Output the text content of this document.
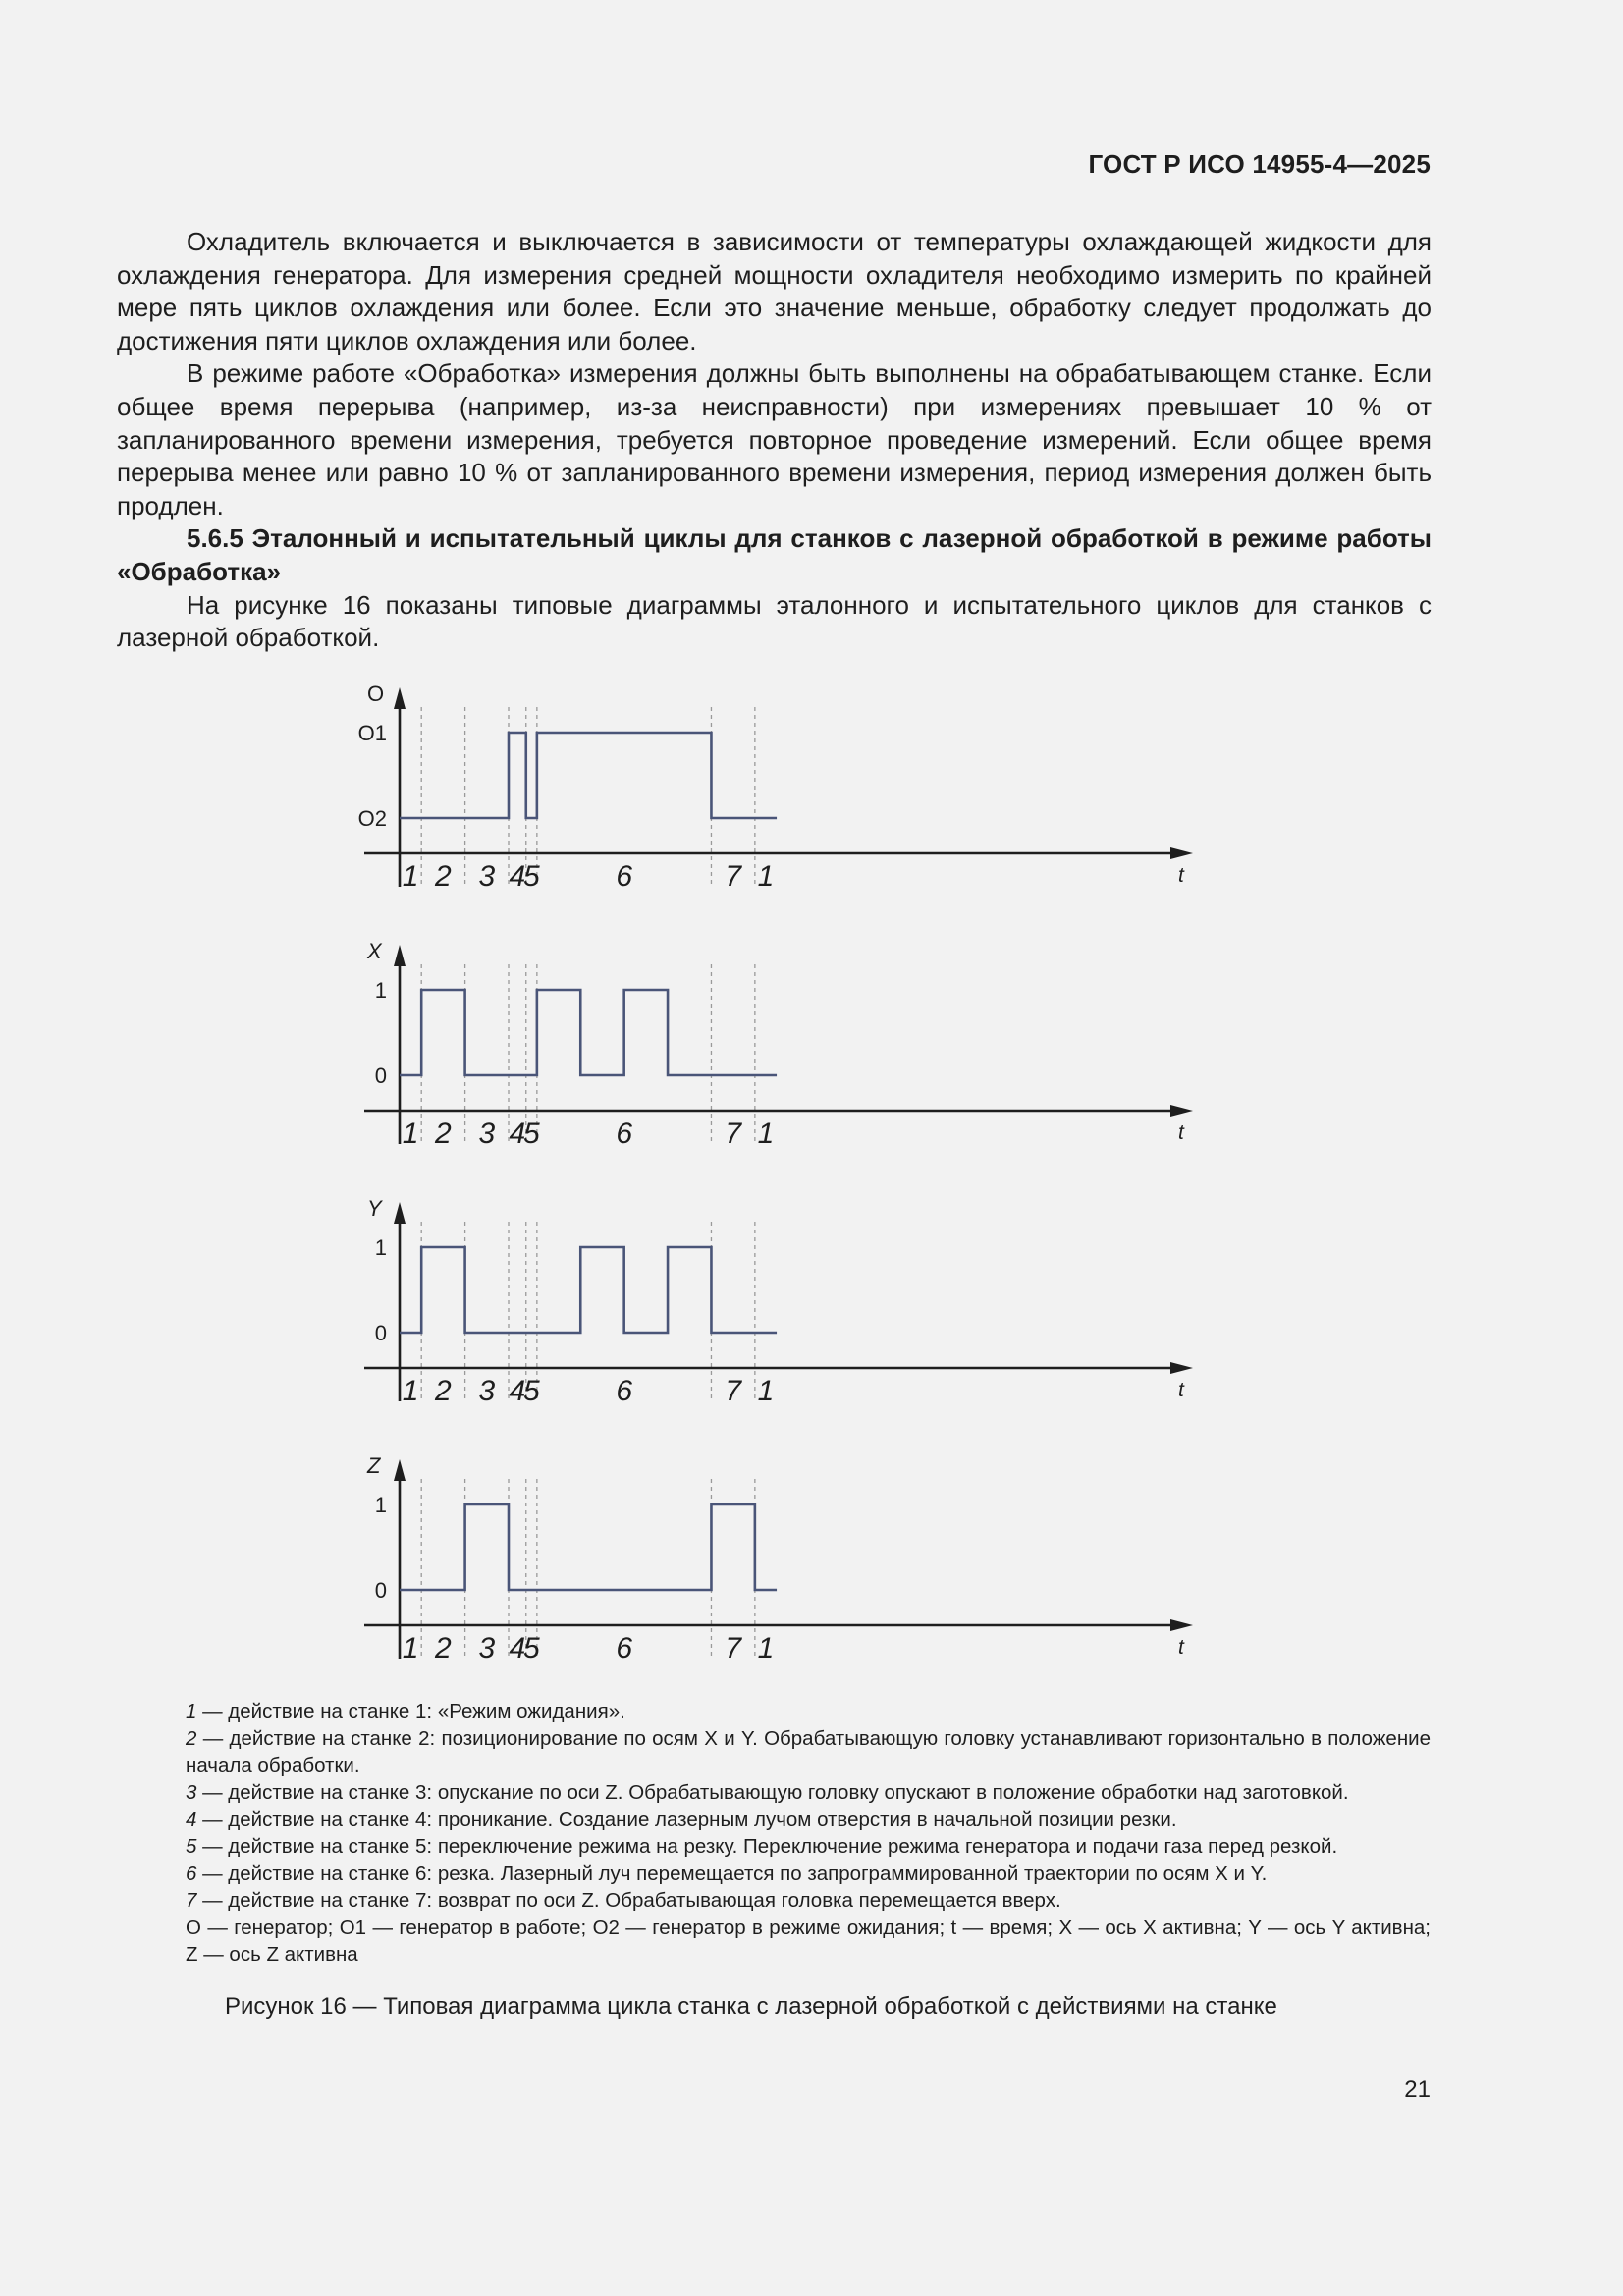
ГОСТ Р ИСО 14955-4—2025

Охладитель включается и выключается в зависимости от температуры охлаждающей жидкости для охлаждения генератора. Для измерения средней мощности охладителя необходимо измерить по крайней мере пять циклов охлаждения или более. Если это значение меньше, обработку следует продолжать до достижения пяти циклов охлаждения или более.

В режиме работе «Обработка» измерения должны быть выполнены на обрабатывающем станке. Если общее время перерыва (например, из-за неисправности) при измерениях превышает 10 % от запланированного времени измерения, требуется повторное проведение измерений. Если общее время перерыва менее или равно 10 % от запланированного времени измерения, период измерения должен быть продлен.

5.6.5 Эталонный и испытательный циклы для станков с лазерной обработкой в режиме работы «Обработка»

На рисунке 16 показаны типовые диаграммы эталонного и испытательного циклов для станков с лазерной обработкой.

O
O1
O2
t
1 2 3 4
5	6	7 1
X
1
0
t
1 2 3 4
5	6	7 1
Y
1
0
t
1 2 3 4
5	6	7 1
Z
1
0
t
1 2 3 4
5	6	7 1

1 — действие на станке 1: «Режим ожидания».

2 — действие на станке 2: позиционирование по осям X и Y. Обрабатывающую головку устанавливают горизонтально в положение начала обработки.

3 — действие на станке 3: опускание по оси Z. Обрабатывающую головку опускают в положение обработки над заготовкой.

4 — действие на станке 4: проникание. Создание лазерным лучом отверстия в начальной позиции резки.

5 — действие на станке 5: переключение режима на резку. Переключение режима генератора и подачи газа перед резкой.

6 — действие на станке 6: резка. Лазерный луч перемещается по запрограммированной траектории по осям X и Y.

7 — действие на станке 7: возврат по оси Z. Обрабатывающая головка перемещается вверх.

O — генератор; O1 — генератор в работе; O2 — генератор в режиме ожидания; t — время; X — ось X активна; Y — ось Y активна; Z — ось Z активна

Рисунок 16 — Типовая диаграмма цикла станка с лазерной обработкой с действиями на станке
21
